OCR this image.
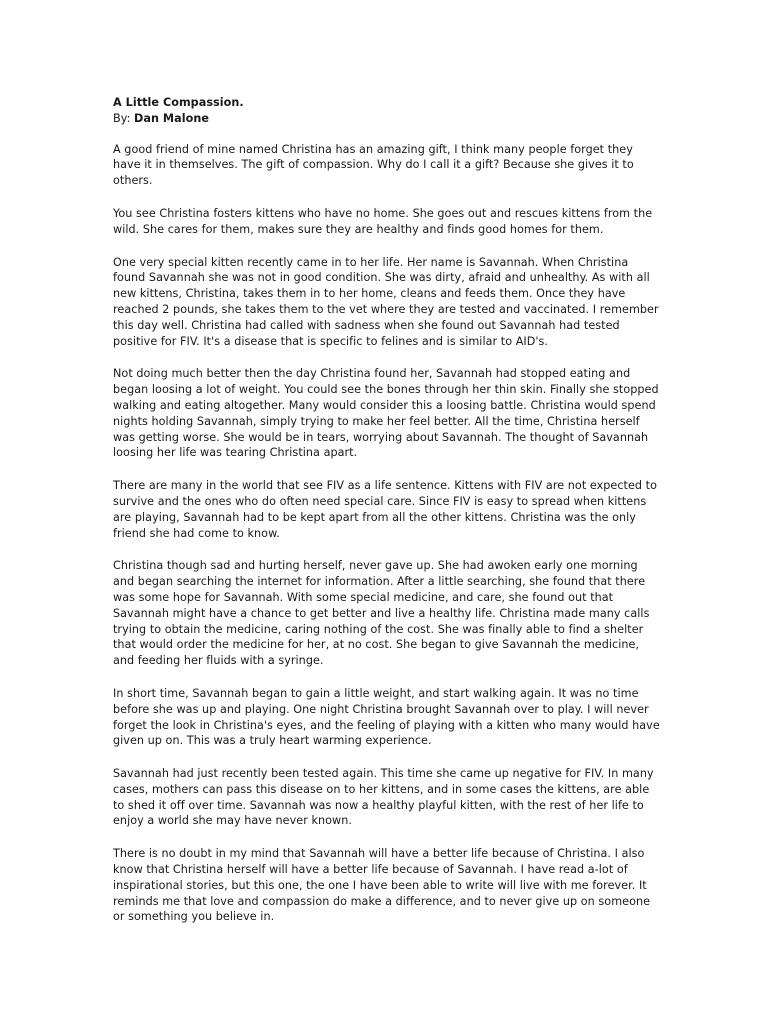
A Little Compassion.

By: Dan Malone

A good friend of mine named Christina has an amazing gift, I think many people forget they have it in themselves. The gift of compassion. Why do I call it a gift? Because she gives it to others.

You see Christina fosters kittens who have no home. She goes out and rescues kittens from the wild. She cares for them, makes sure they are healthy and finds good homes for them.

One very special kitten recently came in to her life. Her name is Savannah. When Christina found Savannah she was not in good condition. She was dirty, afraid and unhealthy. As with all new kittens, Christina, takes them in to her home, cleans and feeds them. Once they have reached 2 pounds, she takes them to the vet where they are tested and vaccinated. I remember this day well. Christina had called with sadness when she found out Savannah had tested positive for FIV. It's a disease that is specific to felines and is similar to AID's.

Not doing much better then the day Christina found her, Savannah had stopped eating and began loosing a lot of weight. You could see the bones through her thin skin. Finally she stopped walking and eating altogether. Many would consider this a loosing battle. Christina would spend nights holding Savannah, simply trying to make her feel better. All the time, Christina herself was getting worse. She would be in tears, worrying about Savannah. The thought of Savannah loosing her life was tearing Christina apart.

There are many in the world that see FIV as a life sentence. Kittens with FIV are not expected to survive and the ones who do often need special care. Since FIV is easy to spread when kittens are playing, Savannah had to be kept apart from all the other kittens. Christina was the only friend she had come to know.

Christina though sad and hurting herself, never gave up. She had awoken early one morning and began searching the internet for information. After a little searching, she found that there was some hope for Savannah. With some special medicine, and care, she found out that Savannah might have a chance to get better and live a healthy life. Christina made many calls trying to obtain the medicine, caring nothing of the cost. She was finally able to find a shelter that would order the medicine for her, at no cost. She began to give Savannah the medicine, and feeding her fluids with a syringe.

In short time, Savannah began to gain a little weight, and start walking again. It was no time before she was up and playing. One night Christina brought Savannah over to play. I will never forget the look in Christina's eyes, and the feeling of playing with a kitten who many would have given up on. This was a truly heart warming experience.

Savannah had just recently been tested again. This time she came up negative for FIV. In many cases, mothers can pass this disease on to her kittens, and in some cases the kittens, are able to shed it off over time. Savannah was now a healthy playful kitten, with the rest of her life to enjoy a world she may have never known.

There is no doubt in my mind that Savannah will have a better life because of Christina. I also know that Christina herself will have a better life because of Savannah. I have read a-lot of inspirational stories, but this one, the one I have been able to write will live with me forever. It reminds me that love and compassion do make a difference, and to never give up on someone or something you believe in.
